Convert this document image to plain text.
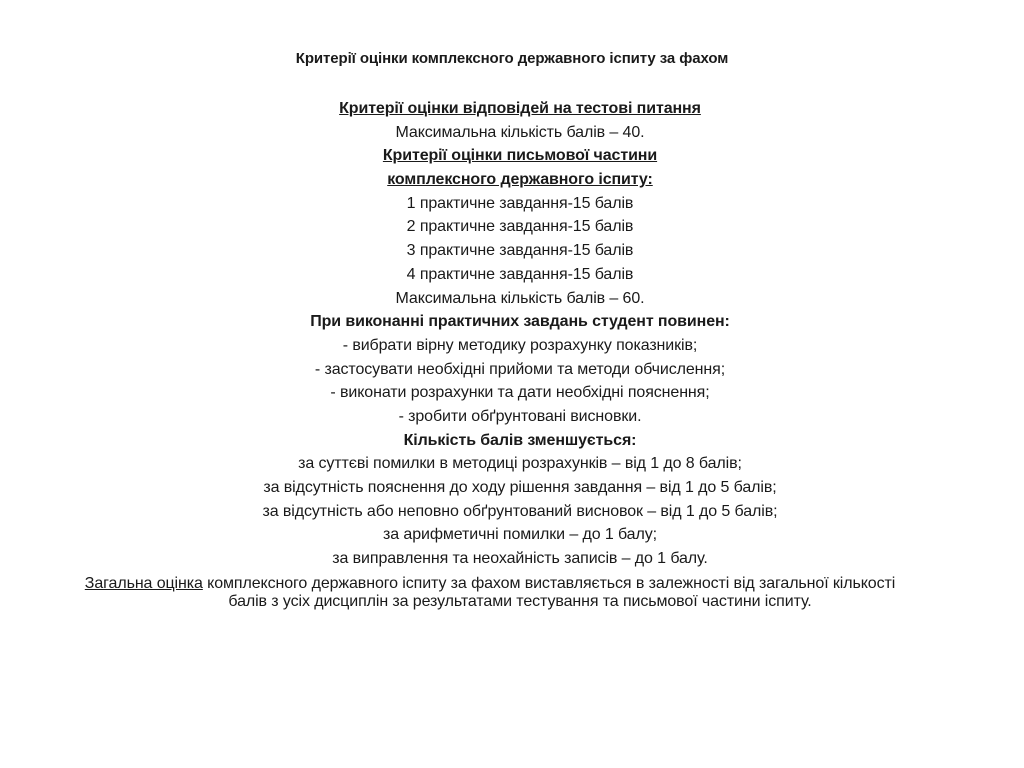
Критерії оцінки комплексного державного іспиту за фахом
Критерії оцінки відповідей на тестові питання
Максимальна кількість балів – 40.
Критерії оцінки письмової частини
комплексного державного іспиту:
1 практичне завдання-15 балів
2 практичне завдання-15 балів
3 практичне завдання-15 балів
4 практичне завдання-15 балів
Максимальна кількість балів – 60.
При виконанні практичних завдань студент повинен:
- вибрати вірну методику розрахунку показників;
- застосувати необхідні прийоми та методи обчислення;
- виконати розрахунки та дати необхідні пояснення;
- зробити обґрунтовані висновки.
Кількість балів зменшується:
за суттєві помилки в методиці розрахунків – від 1 до 8 балів;
за відсутність пояснення до ходу рішення завдання – від 1 до 5 балів;
за відсутність або неповно обґрунтований висновок – від 1 до 5 балів;
за арифметичні помилки – до 1 балу;
за виправлення та неохайність записів – до 1 балу.
Загальна оцінка комплексного державного іспиту за фахом виставляється в залежності від загальної кількості балів з усіх дисциплін за результатами тестування та письмової частини іспиту.
